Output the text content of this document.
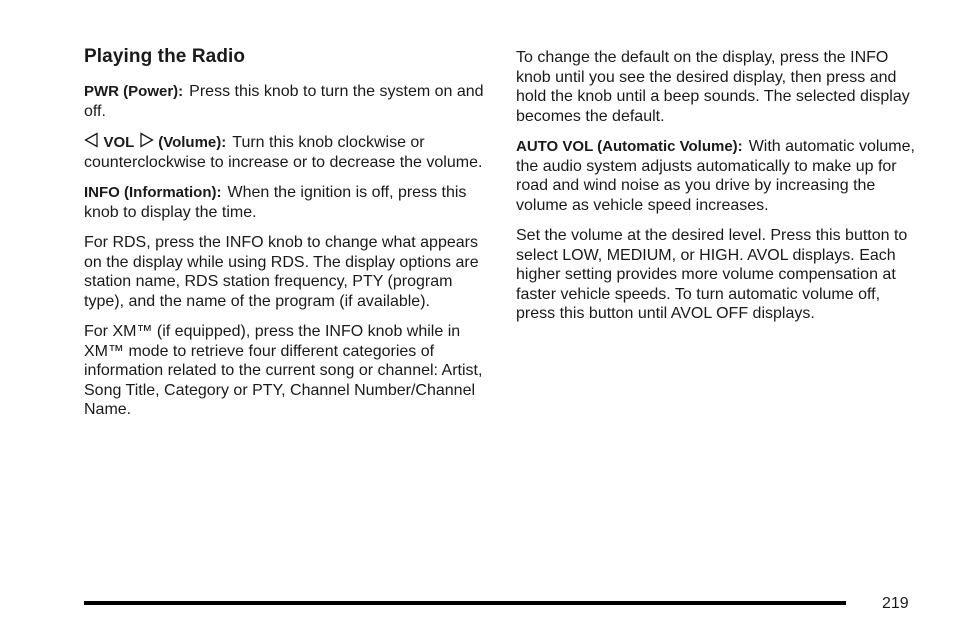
Playing the Radio

PWR (Power): Press this knob to turn the system on and off.

VOL (Volume): Turn this knob clockwise or counterclockwise to increase or to decrease the volume.

INFO (Information): When the ignition is off, press this knob to display the time.

For RDS, press the INFO knob to change what appears on the display while using RDS. The display options are station name, RDS station frequency, PTY (program type), and the name of the program (if available).

For XM™ (if equipped), press the INFO knob while in XM™ mode to retrieve four different categories of information related to the current song or channel: Artist, Song Title, Category or PTY, Channel Number/Channel Name.

To change the default on the display, press the INFO knob until you see the desired display, then press and hold the knob until a beep sounds. The selected display becomes the default.

AUTO VOL (Automatic Volume): With automatic volume, the audio system adjusts automatically to make up for road and wind noise as you drive by increasing the volume as vehicle speed increases.

Set the volume at the desired level. Press this button to select LOW, MEDIUM, or HIGH. AVOL displays. Each higher setting provides more volume compensation at faster vehicle speeds. To turn automatic volume off, press this button until AVOL OFF displays.

219
